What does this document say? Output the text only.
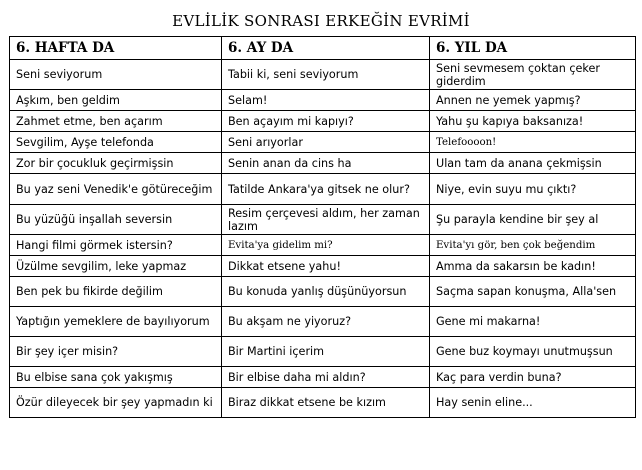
EVLİLİK SONRASI ERKEĞİN EVRİMİ
6. HAFTA DA	6. AY DA	6. YIL DA
Seni seviyorum	Tabii ki, seni seviyorum	Seni sevmesem çoktan çeker giderdim
Aşkım, ben geldim	Selam!	Annen ne yemek yapmış?
Zahmet etme, ben açarım	Ben açayım mi kapıyı?	Yahu şu kapıya baksanıza!
Sevgilim, Ayşe telefonda	Seni arıyorlar	Telefoooon!
Zor bir çocukluk geçirmişsin	Senin anan da cins ha	Ulan tam da anana çekmişsin
Bu yaz seni Venedik'e götüreceğim	Tatilde Ankara'ya gitsek ne olur?	Niye, evin suyu mu çıktı?
Bu yüzüğü inşallah seversin	Resim çerçevesi aldım, her zaman lazım	Şu parayla kendine bir şey al
Hangi filmi görmek istersin?	Evita'ya gidelim mi?	Evita'yı gör, ben çok beğendim
Üzülme sevgilim, leke yapmaz	Dikkat etsene yahu!	Amma da sakarsın be kadın!
Ben pek bu fikirde değilim	Bu konuda yanlış düşünüyorsun	Saçma sapan konuşma, Alla'sen
Yaptığın yemeklere de bayılıyorum	Bu akşam ne yiyoruz?	Gene mi makarna!
Bir şey içer misin?	Bir Martini içerim	Gene buz koymayı unutmuşsun
Bu elbise sana çok yakışmış	Bir elbise daha mi aldın?	Kaç para verdin buna?
Özür dileyecek bir şey yapmadın ki	Biraz dikkat etsene be kızım	Hay senin eline...
